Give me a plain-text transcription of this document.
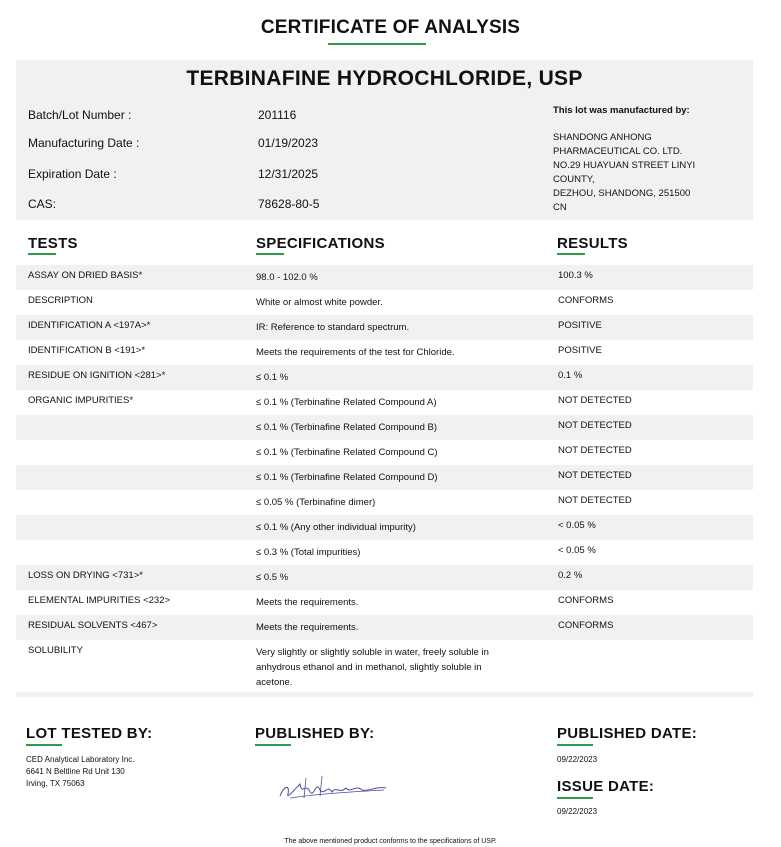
CERTIFICATE OF ANALYSIS
TERBINAFINE HYDROCHLORIDE, USP
Batch/Lot Number :	201116
Manufacturing Date :	01/19/2023
Expiration Date :	12/31/2025
CAS:	78628-80-5
This lot was manufactured by:
SHANDONG ANHONG
PHARMACEUTICAL CO. LTD.
NO.29 HUAYUAN STREET LINYI
COUNTY,
DEZHOU, SHANDONG, 251500
CN
TESTS	SPECIFICATIONS	RESULTS
ASSAY ON DRIED BASIS*	98.0 - 102.0 %	100.3 %
DESCRIPTION	White or almost white powder.	CONFORMS
IDENTIFICATION A <197A>*	IR: Reference to standard spectrum.	POSITIVE
IDENTIFICATION B <191>*	Meets the requirements of the test for Chloride.	POSITIVE
RESIDUE ON IGNITION <281>*	≤ 0.1 %	0.1 %
ORGANIC IMPURITIES*	≤ 0.1 % (Terbinafine Related Compound A)	NOT DETECTED
≤ 0.1 % (Terbinafine Related Compound B)	NOT DETECTED
≤ 0.1 % (Terbinafine Related Compound C)	NOT DETECTED
≤ 0.1 % (Terbinafine Related Compound D)	NOT DETECTED
≤ 0.05 % (Terbinafine dimer)	NOT DETECTED
≤ 0.1 % (Any other individual impurity)	< 0.05 %
≤ 0.3 % (Total impurities)	< 0.05 %
LOSS ON DRYING <731>*	≤ 0.5 %	0.2 %
ELEMENTAL IMPURITIES <232>	Meets the requirements.	CONFORMS
RESIDUAL SOLVENTS <467>	Meets the requirements.	CONFORMS
SOLUBILITY	Very slightly or slightly soluble in water, freely soluble in anhydrous ethanol and in methanol, slightly soluble in acetone.
LOT TESTED BY:
CED Analytical Laboratory Inc.
6641 N Beltline Rd Unit 130
Irving, TX 75063
PUBLISHED BY:	PUBLISHED DATE:
09/22/2023
ISSUE DATE:
09/22/2023
The above mentioned product conforms to the specifications of USP.
